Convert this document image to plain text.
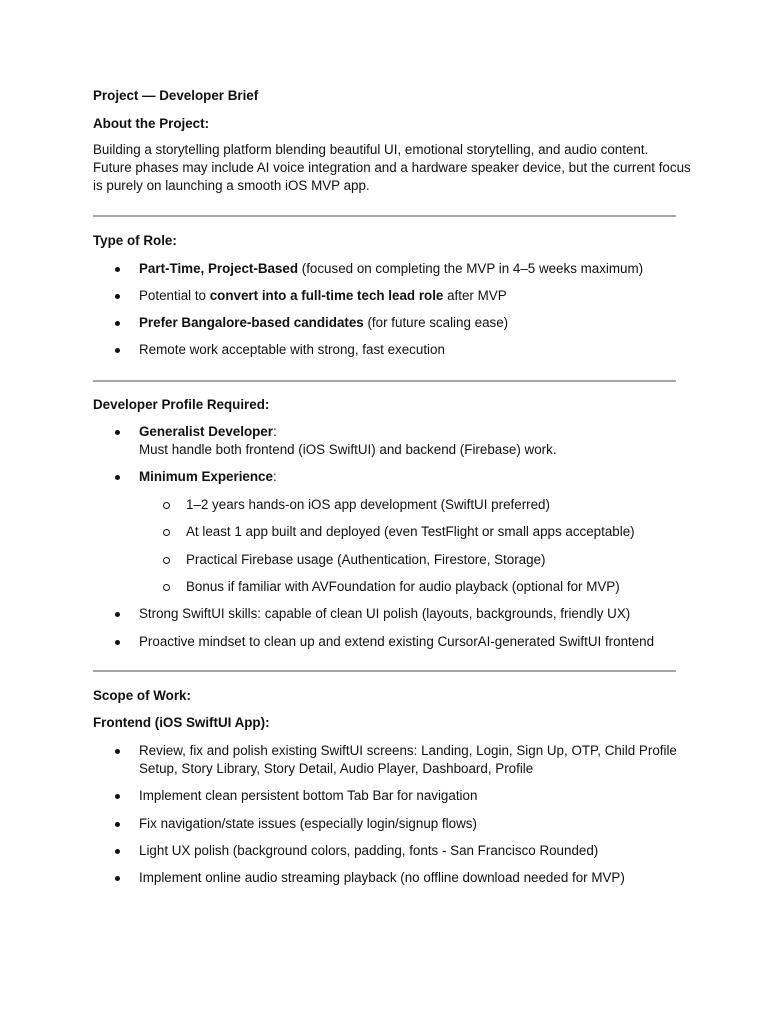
Project — Developer Brief
About the Project:
Building a storytelling platform blending beautiful UI, emotional storytelling, and audio content.
Future phases may include AI voice integration and a hardware speaker device, but the current focus
is purely on launching a smooth iOS MVP app.
Type of Role:
Part-Time, Project-Based (focused on completing the MVP in 4–5 weeks maximum)
Potential to convert into a full-time tech lead role after MVP
Prefer Bangalore-based candidates (for future scaling ease)
Remote work acceptable with strong, fast execution
Developer Profile Required:
Generalist Developer:
Must handle both frontend (iOS SwiftUI) and backend (Firebase) work.
Minimum Experience:
1–2 years hands-on iOS app development (SwiftUI preferred)
At least 1 app built and deployed (even TestFlight or small apps acceptable)
Practical Firebase usage (Authentication, Firestore, Storage)
Bonus if familiar with AVFoundation for audio playback (optional for MVP)
Strong SwiftUI skills: capable of clean UI polish (layouts, backgrounds, friendly UX)
Proactive mindset to clean up and extend existing CursorAI-generated SwiftUI frontend
Scope of Work:
Frontend (iOS SwiftUI App):
Review, fix and polish existing SwiftUI screens: Landing, Login, Sign Up, OTP, Child Profile
Setup, Story Library, Story Detail, Audio Player, Dashboard, Profile
Implement clean persistent bottom Tab Bar for navigation
Fix navigation/state issues (especially login/signup flows)
Light UX polish (background colors, padding, fonts - San Francisco Rounded)
Implement online audio streaming playback (no offline download needed for MVP)
